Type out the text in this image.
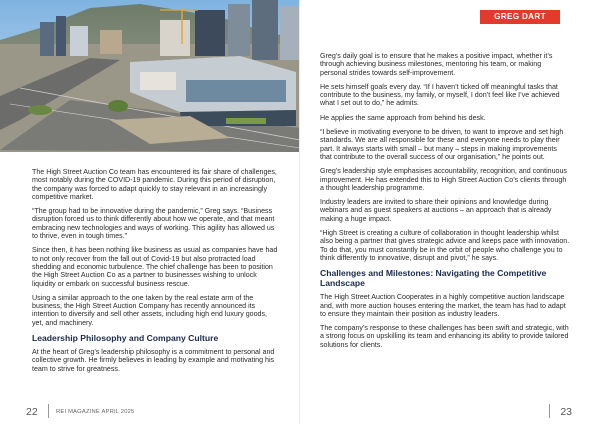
The High Street Auction Co team has encountered its fair share of challenges, most notably during the COVID-19 pandemic. During this period of disruption, the company was forced to adapt quickly to stay relevant in an increasingly competitive market.

“The group had to be innovative during the pandemic,” Greg says. “Business disruption forced us to think differently about how we operate, and that meant embracing new technologies and ways of working. This agility has allowed us to thrive, even in tough times.”

Since then, it has been nothing like business as usual as companies have had to not only recover from the fall out of Covid-19 but also protracted load shedding and economic turbulence. The chief challenge has been to position the High Street Auction Co as a partner to businesses wishing to unlock liquidity or embark on successful business rescue.

Using a similar approach to the one taken by the real estate arm of the business, the High Street Auction Company has recently announced its intention to diversify and sell other assets, including high end luxury goods, yet, and machinery.

Leadership Philosophy and Company Culture

At the heart of Greg’s leadership philosophy is a commitment to personal and collective growth. He firmly believes in leading by example and motivating his team to strive for greatness.

22	REI MAGAZINE APRIL 2025
GREG DART

Greg’s daily goal is to ensure that he makes a positive impact, whether it’s through achieving business milestones, mentoring his team, or making personal strides towards self-improvement.

He sets himself goals every day. “If I haven’t ticked off meaningful tasks that contribute to the business, my family, or myself, I don’t feel like I’ve achieved what I set out to do,” he admits.

He applies the same approach from behind his desk.

“I believe in motivating everyone to be driven, to want to improve and set high standards. We are all responsible for these and everyone needs to play their part. It always starts with small – but many – steps in making improvements that contribute to the overall success of our organisation,” he points out.

Greg’s leadership style emphasises accountability, recognition, and continuous improvement. He has extended this to High Street Auction Co’s clients through a thought leadership programme.

Industry leaders are invited to share their opinions and knowledge during webinars and as guest speakers at auctions – an approach that is already making a huge impact.

“High Street is creating a culture of collaboration in thought leadership whilst also being a partner that gives strategic advice and keeps pace with innovation. To do that, you must constantly be in the orbit of people who challenge you to think differently to innovative, disrupt and pivot,” he says.

Challenges and Milestones: Navigating the Competitive Landscape

The High Street Auction Cooperates in a highly competitive auction landscape and, with more auction houses entering the market, the team has had to adapt to ensure they maintain their position as industry leaders.

The company’s response to these challenges has been swift and strategic, with a strong focus on upskilling its team and enhancing its ability to provide tailored solutions for clients.

23
